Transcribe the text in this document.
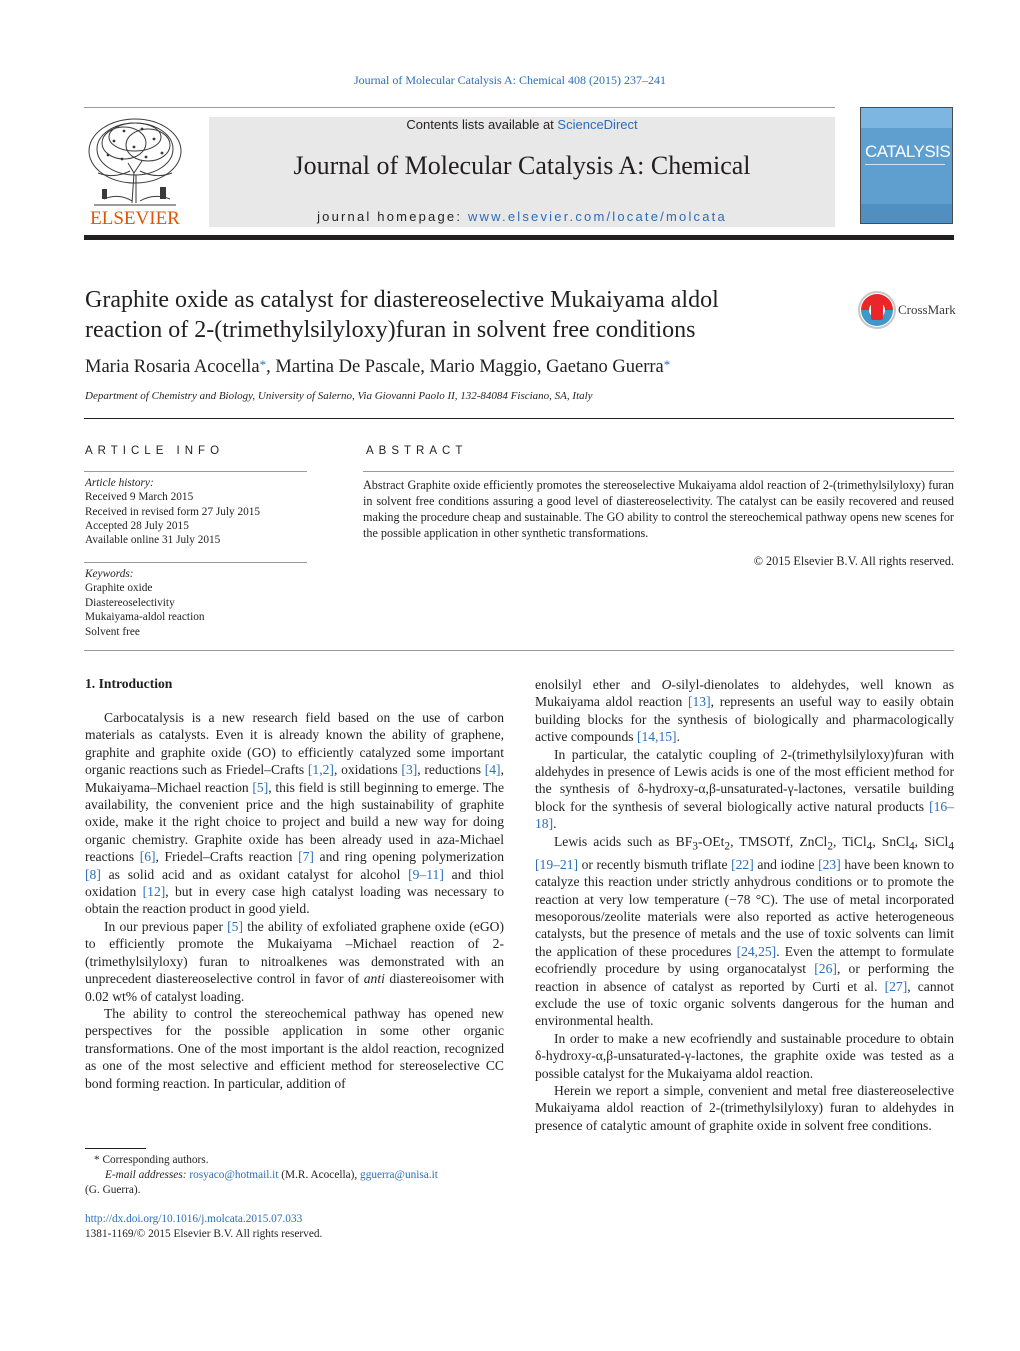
Journal of Molecular Catalysis A: Chemical 408 (2015) 237–241
ELSEVIER
Contents lists available at ScienceDirect
Journal of Molecular Catalysis A: Chemical
journal homepage: www.elsevier.com/locate/molcata
CATALYSIS
Graphite oxide as catalyst for diastereoselective Mukaiyama aldol
reaction of 2-(trimethylsilyloxy)furan in solvent free conditions
CrossMark
Maria Rosaria Acocella*, Martina De Pascale, Mario Maggio, Gaetano Guerra*
Department of Chemistry and Biology, University of Salerno, Via Giovanni Paolo II, 132-84084 Fisciano, SA, Italy
ARTICLE INFO	ABSTRACT
Article history:
Received 9 March 2015
Received in revised form 27 July 2015
Accepted 28 July 2015
Available online 31 July 2015
Keywords:
Graphite oxide
Diastereoselectivity
Mukaiyama-aldol reaction
Solvent free
Abstract Graphite oxide efficiently promotes the stereoselective Mukaiyama aldol reaction of 2-(trimethylsilyloxy) furan in solvent free conditions assuring a good level of diastereoselectivity. The catalyst can be easily recovered and reused making the procedure cheap and sustainable. The GO ability to control the stereochemical pathway opens new scenes for the possible application in other synthetic transformations.
© 2015 Elsevier B.V. All rights reserved.
1. Introduction

Carbocatalysis is a new research field based on the use of carbon materials as catalysts. Even it is already known the ability of graphene, graphite and graphite oxide (GO) to efficiently catalyzed some important organic reactions such as Friedel–Crafts [1,2], oxidations [3], reductions [4], Mukaiyama–Michael reaction [5], this field is still beginning to emerge. The availability, the convenient price and the high sustainability of graphite oxide, make it the right choice to project and build a new way for doing organic chemistry. Graphite oxide has been already used in aza-Michael reactions [6], Friedel–Crafts reaction [7] and ring opening polymerization [8] as solid acid and as oxidant catalyst for alcohol [9–11] and thiol oxidation [12], but in every case high catalyst loading was necessary to obtain the reaction product in good yield.

In our previous paper [5] the ability of exfoliated graphene oxide (eGO) to efficiently promote the Mukaiyama –Michael reaction of 2-(trimethylsilyloxy) furan to nitroalkenes was demonstrated with an unprecedent diastereoselective control in favor of anti diastereoisomer with 0.02 wt% of catalyst loading.

The ability to control the stereochemical pathway has opened new perspectives for the possible application in some other organic transformations. One of the most important is the aldol reaction, recognized as one of the most selective and efficient method for stereoselective CC bond forming reaction. In particular, addition of

enolsilyl ether and O-silyl-dienolates to aldehydes, well known as Mukaiyama aldol reaction [13], represents an useful way to easily obtain building blocks for the synthesis of biologically and pharmacologically active compounds [14,15].

In particular, the catalytic coupling of 2-(trimethylsilyloxy)furan with aldehydes in presence of Lewis acids is one of the most efficient method for the synthesis of δ-hydroxy-α,β-unsaturated-γ-lactones, versatile building block for the synthesis of several biologically active natural products [16–18].

Lewis acids such as $BF_3-OEt_2$, TMSOTf, ZnCl$_2$, TiCl$_4$, SnCl$_4$, SiCl$_4$ [19–21] or recently bismuth triflate [22] and iodine [23] have been known to catalyze this reaction under strictly anhydrous conditions or to promote the reaction at very low temperature (−78 °C). The use of metal incorporated mesoporous/zeolite materials were also reported as active heterogeneous catalysts, but the presence of metals and the use of toxic solvents can limit the application of these procedures [24,25]. Even the attempt to formulate ecofriendly procedure by using organocatalyst [26], or performing the reaction in absence of catalyst as reported by Curti et al. [27], cannot exclude the use of toxic organic solvents dangerous for the human and environmental health.

In order to make a new ecofriendly and sustainable procedure to obtain δ-hydroxy-α,β-unsaturated-γ-lactones, the graphite oxide was tested as a possible catalyst for the Mukaiyama aldol reaction.

Herein we report a simple, convenient and metal free diastereoselective Mukaiyama aldol reaction of 2-(trimethylsilyloxy) furan to aldehydes in presence of catalytic amount of graphite oxide in solvent free conditions.

* Corresponding authors.
E-mail addresses: rosyaco@hotmail.it (M.R. Acocella), gguerra@unisa.it
(G. Guerra).
http://dx.doi.org/10.1016/j.molcata.2015.07.033
1381-1169/© 2015 Elsevier B.V. All rights reserved.
